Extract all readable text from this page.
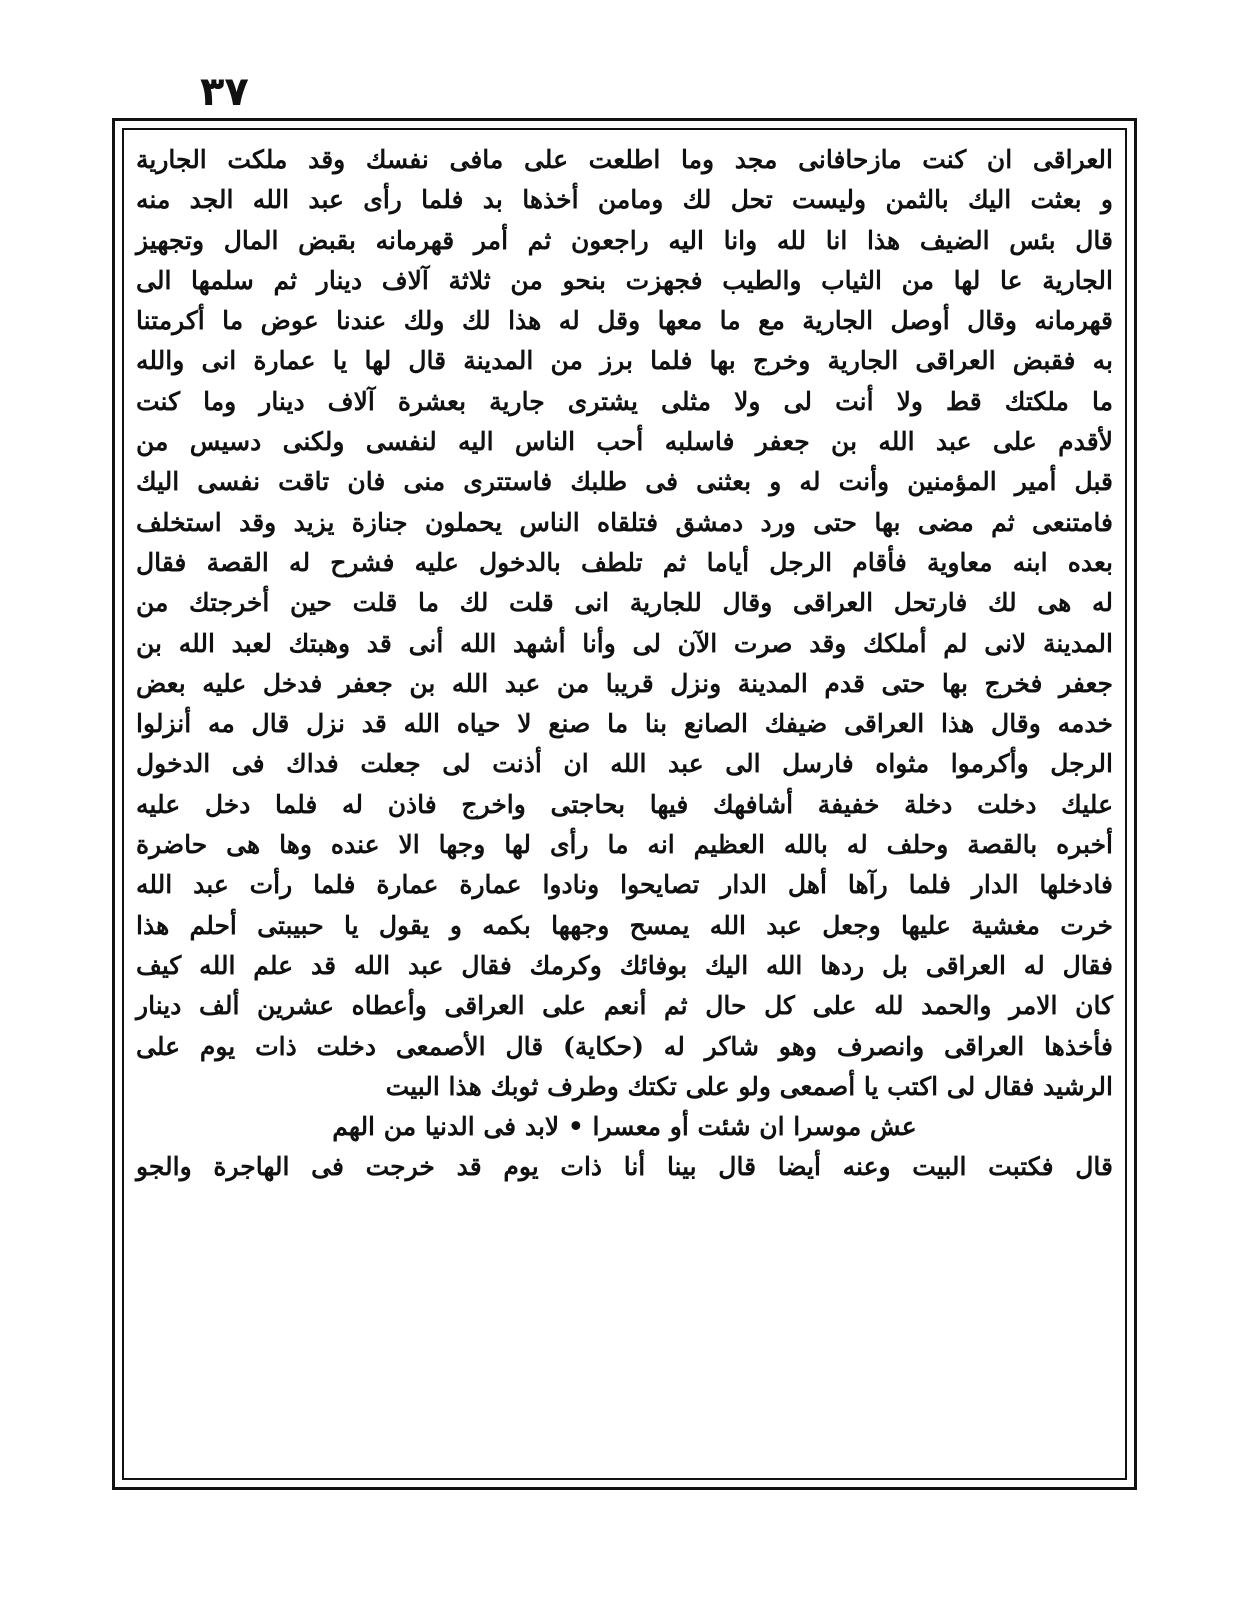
٣٧
العراقى ان كنت مازحافانى مجد وما اطلعت على مافى نفسك وقد ملكت الجارية
و بعثت اليك بالثمن وليست تحل لك ومامن أخذها بد فلما رأى عبد الله الجد منه
قال بئس الضيف هذا انا لله وانا اليه راجعون ثم أمر قهرمانه بقبض المال وتجهيز
الجارية عا لها من الثياب والطيب فجهزت بنحو من ثلاثة آلاف دينار ثم سلمها الى
قهرمانه وقال أوصل الجارية مع ما معها وقل له هذا لك ولك عندنا عوض ما أكرمتنا
به فقبض العراقى الجارية وخرج بها فلما برز من المدينة قال لها يا عمارة انى والله
ما ملكتك قط ولا أنت لى ولا مثلى يشترى جارية بعشرة آلاف دينار وما كنت
لأقدم على عبد الله بن جعفر فاسلبه أحب الناس اليه لنفسى ولكنى دسيس من
قبل أمير المؤمنين وأنت له و بعثنى فى طلبك فاستترى منى فان تاقت نفسى اليك
فامتنعى ثم مضى بها حتى ورد دمشق فتلقاه الناس يحملون جنازة يزيد وقد استخلف
بعده ابنه معاوية فأقام الرجل أياما ثم تلطف بالدخول عليه فشرح له القصة فقال
له هى لك فارتحل العراقى وقال للجارية انى قلت لك ما قلت حين أخرجتك من
المدينة لانى لم أملكك وقد صرت الآن لى وأنا أشهد الله أنى قد وهبتك لعبد الله بن
جعفر فخرج بها حتى قدم المدينة ونزل قريبا من عبد الله بن جعفر فدخل عليه بعض
خدمه وقال هذا العراقى ضيفك الصانع بنا ما صنع لا حياه الله قد نزل قال مه أنزلوا
الرجل وأكرموا مثواه فارسل الى عبد الله ان أذنت لى جعلت فداك فى الدخول
عليك دخلت دخلة خفيفة أشافهك فيها بحاجتى واخرج فاذن له فلما دخل عليه
أخبره بالقصة وحلف له بالله العظيم انه ما رأى لها وجها الا عنده وها هى حاضرة
فادخلها الدار فلما رآها أهل الدار تصايحوا ونادوا عمارة عمارة فلما رأت عبد الله
خرت مغشية عليها وجعل عبد الله يمسح وجهها بكمه و يقول يا حبيبتى أحلم هذا
فقال له العراقى بل ردها الله اليك بوفائك وكرمك فقال عبد الله قد علم الله كيف
كان الامر والحمد لله على كل حال ثم أنعم على العراقى وأعطاه عشرين ألف دينار
فأخذها العراقى وانصرف وهو شاكر له (حكاية) قال الأصمعى دخلت ذات يوم على
الرشيد فقال لى اكتب يا أصمعى ولو على تكتك وطرف ثوبك هذا البيت
عش موسرا ان شئت أو معسرا • لابد فى الدنيا من الهم
قال فكتبت البيت وعنه أيضا قال بينا أنا ذات يوم قد خرجت فى الهاجرة والجو
